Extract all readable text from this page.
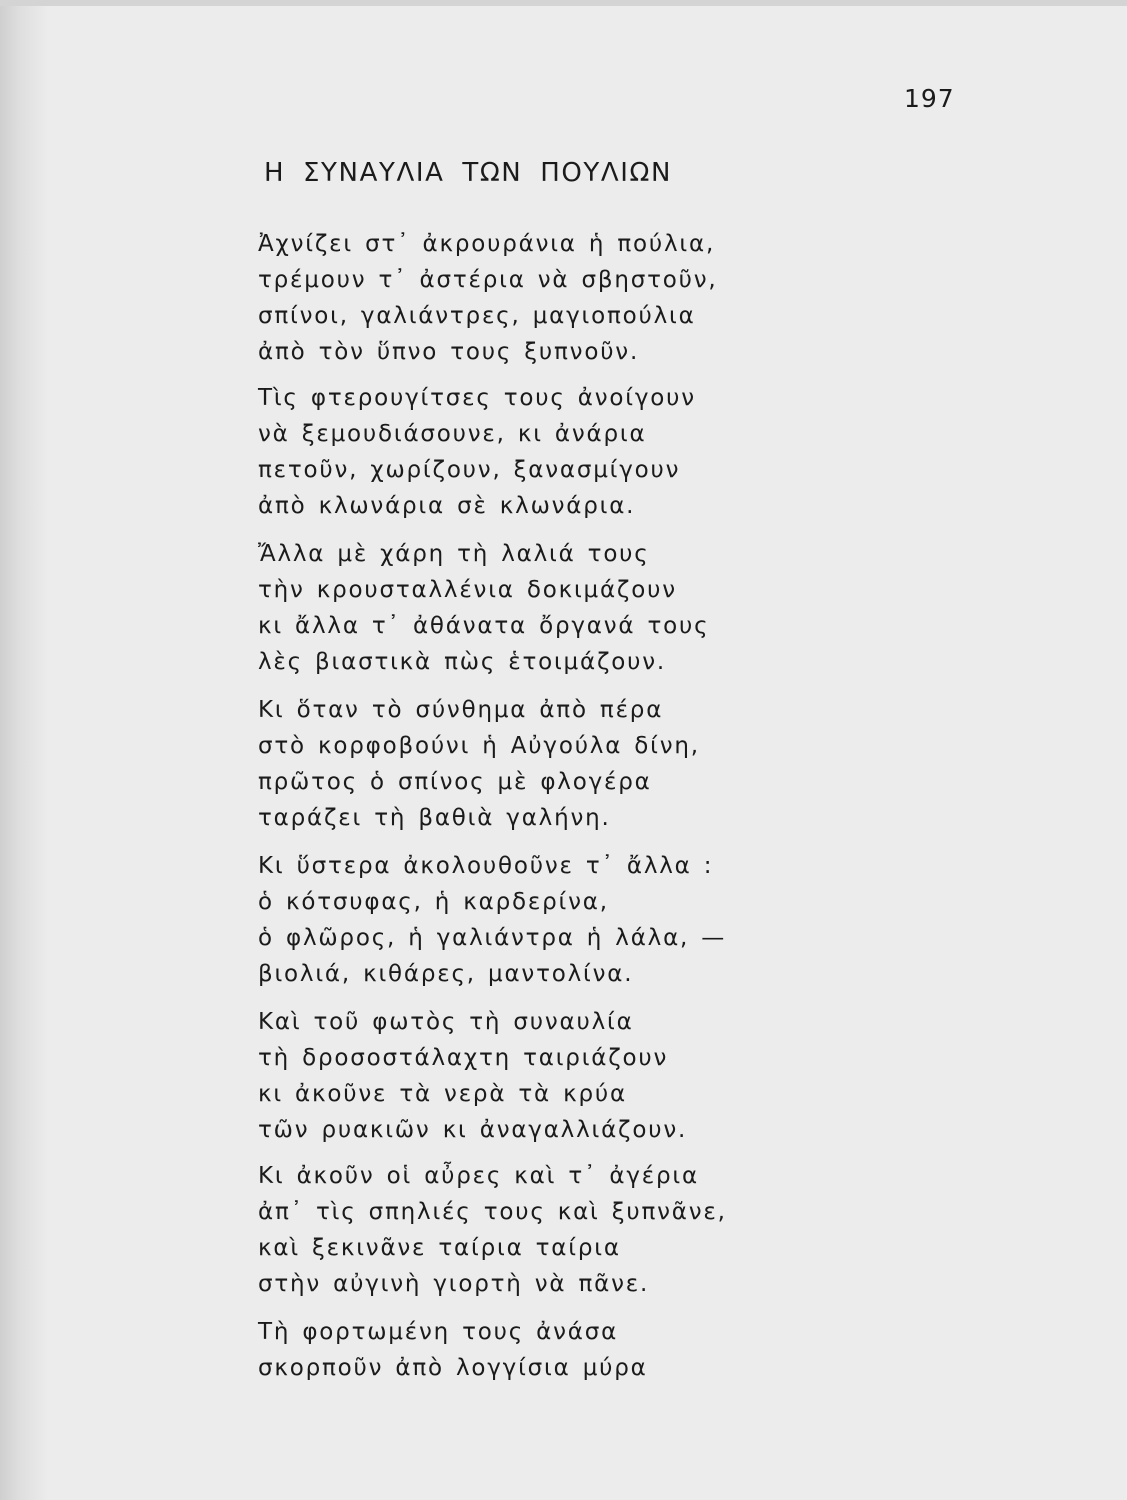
197
Η ΣΥΝΑΥΛΙΑ ΤΩΝ ΠΟΥΛΙΩΝ
Ἀχνίζει στ᾽ ἀκρουράνια ἡ πούλια,
τρέμουν τ᾽ ἀστέρια νὰ σβηστοῦν,
σπίνοι, γαλιάντρες, μαγιοπούλια
ἀπὸ τὸν ὕπνο τους ξυπνοῦν.
Τὶς φτερουγίτσες τους ἀνοίγουν
νὰ ξεμουδιάσουνε, κι ἀνάρια
πετοῦν, χωρίζουν, ξανασμίγουν
ἀπὸ κλωνάρια σὲ κλωνάρια.
Ἄλλα μὲ χάρη τὴ λαλιά τους
τὴν κρουσταλλένια δοκιμάζουν
κι ἄλλα τ᾽ ἀθάνατα ὄργανά τους
λὲς βιαστικὰ πὼς ἑτοιμάζουν.
Κι ὅταν τὸ σύνθημα ἀπὸ πέρα
στὸ κορφοβούνι ἡ Αὐγούλα δίνη,
πρῶτος ὁ σπίνος μὲ φλογέρα
ταράζει τὴ βαθιὰ γαλήνη.
Κι ὕστερα ἀκολουθοῦνε τ᾽ ἄλλα :
ὁ κότσυφας, ἡ καρδερίνα,
ὁ φλῶρος, ἡ γαλιάντρα ἡ λάλα, —
βιολιά, κιθάρες, μαντολίνα.
Καὶ τοῦ φωτὸς τὴ συναυλία
τὴ δροσοστάλαχτη ταιριάζουν
κι ἀκοῦνε τὰ νερὰ τὰ κρύα
τῶν ρυακιῶν κι ἀναγαλλιάζουν.
Κι ἀκοῦν οἱ αὖρες καὶ τ᾽ ἀγέρια
ἀπ᾽ τὶς σπηλιές τους καὶ ξυπνᾶνε,
καὶ ξεκινᾶνε ταίρια ταίρια
στὴν αὐγινὴ γιορτὴ νὰ πᾶνε.
Τὴ φορτωμένη τους ἀνάσα
σκορποῦν ἀπὸ λογγίσια μύρα
